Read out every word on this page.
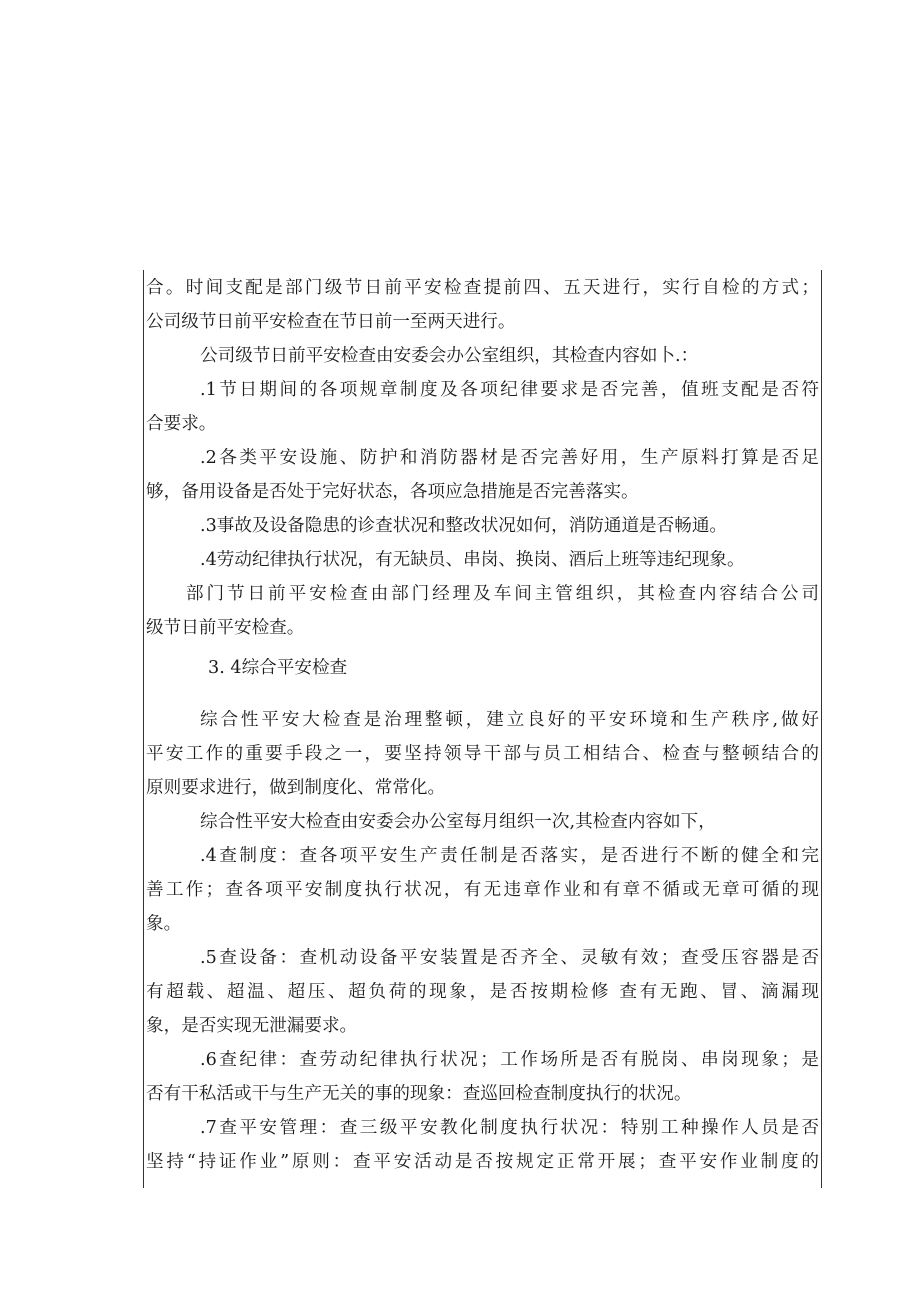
合。时间支配是部门级节日前平安检查提前四、五天进行，实行自检的方式；
公司级节日前平安检查在节日前一至两天进行。
公司级节日前平安检查由安委会办公室组织，其检查内容如卜.：
.1节日期间的各项规章制度及各项纪律要求是否完善，值班支配是否符
合要求。
.2各类平安设施、防护和消防器材是否完善好用，生产原料打算是否足
够，备用设备是否处于完好状态，各项应急措施是否完善落实。
.3事故及设备隐患的诊查状况和整改状况如何，消防通道是否畅通。
.4劳动纪律执行状况，有无缺员、串岗、换岗、酒后上班等违纪现象。
部门节日前平安检查由部门经理及车间主管组织，其检查内容结合公司
级节日前平安检查。
3. 4综合平安检查
综合性平安大检查是治理整顿，建立良好的平安环境和生产秩序,做好
平安工作的重要手段之一，要坚持领导干部与员工相结合、检查与整顿结合的
原则要求进行，做到制度化、常常化。
综合性平安大检查由安委会办公室每月组织一次,其检查内容如下，
.4查制度：查各项平安生产责任制是否落实，是否进行不断的健全和完
善工作；查各项平安制度执行状况，有无违章作业和有章不循或无章可循的现
象。
.5查设备：查机动设备平安装置是否齐全、灵敏有效；查受压容器是否
有超载、超温、超压、超负荷的现象，是否按期检修 查有无跑、冒、滴漏现
象，是否实现无泄漏要求。
.6查纪律：查劳动纪律执行状况；工作场所是否有脱岗、串岗现象；是
否有干私活或干与生产无关的事的现象：查巡回检查制度执行的状况。
.7查平安管理：查三级平安教化制度执行状况：特别工种操作人员是否
坚持“持证作业”原则：查平安活动是否按规定正常开展；查平安作业制度的
